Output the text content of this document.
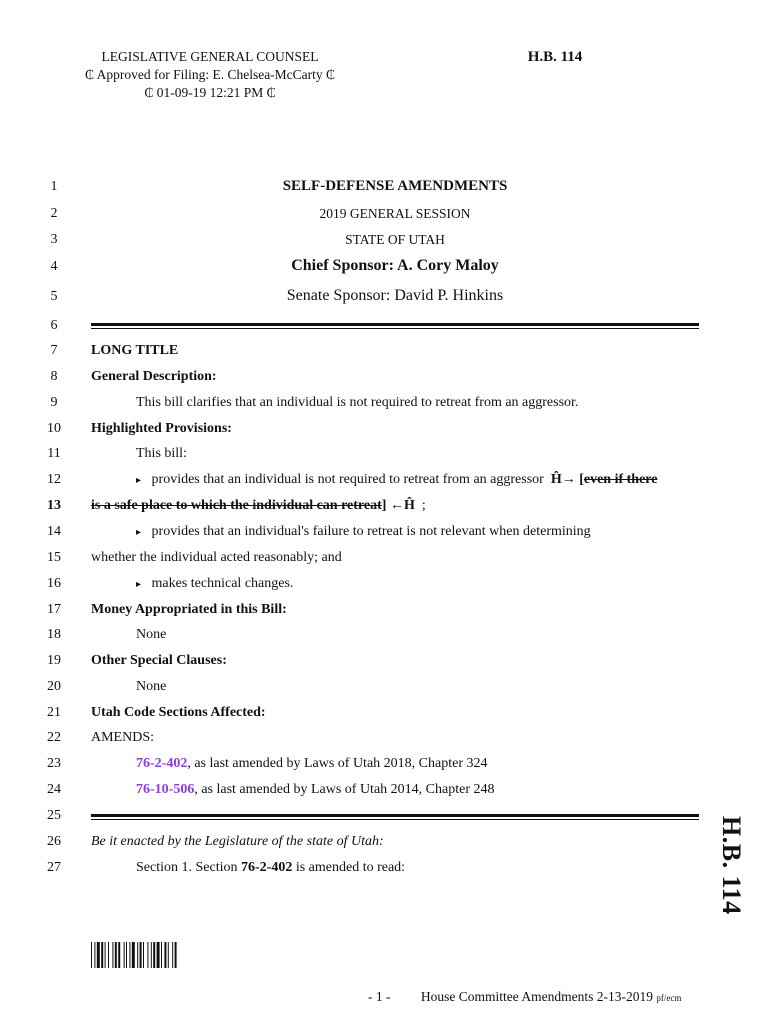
LEGISLATIVE GENERAL COUNSEL
₵ Approved for Filing: E. Chelsea-McCarty ₵
₵ 01-09-19 12:21 PM ₵
H.B. 114
1
2
3
4
5
6
7
8
9
10
11
12
13
14
15
16
17
18
19
20
21
22
23
24
25
26
27
SELF-DEFENSE AMENDMENTS
2019 GENERAL SESSION
STATE OF UTAH
Chief Sponsor: A. Cory Maloy
Senate Sponsor: David P. Hinkins
LONG TITLE
General Description:
This bill clarifies that an individual is not required to retreat from an aggressor.
Highlighted Provisions:
This bill:
▸ provides that an individual is not required to retreat from an aggressor Ĥ→ [even if there
is a safe place to which the individual can retreat] ←Ĥ ;
▸ provides that an individual's failure to retreat is not relevant when determining
whether the individual acted reasonably; and
▸ makes technical changes.
Money Appropriated in this Bill:
None
Other Special Clauses:
None
Utah Code Sections Affected:
AMENDS:
76-2-402, as last amended by Laws of Utah 2018, Chapter 324
76-10-506, as last amended by Laws of Utah 2014, Chapter 248
Be it enacted by the Legislature of the state of Utah:
Section 1. Section 76-2-402 is amended to read:	H.B. 114
- 1 - House Committee Amendments 2-13-2019 pf/ecm
